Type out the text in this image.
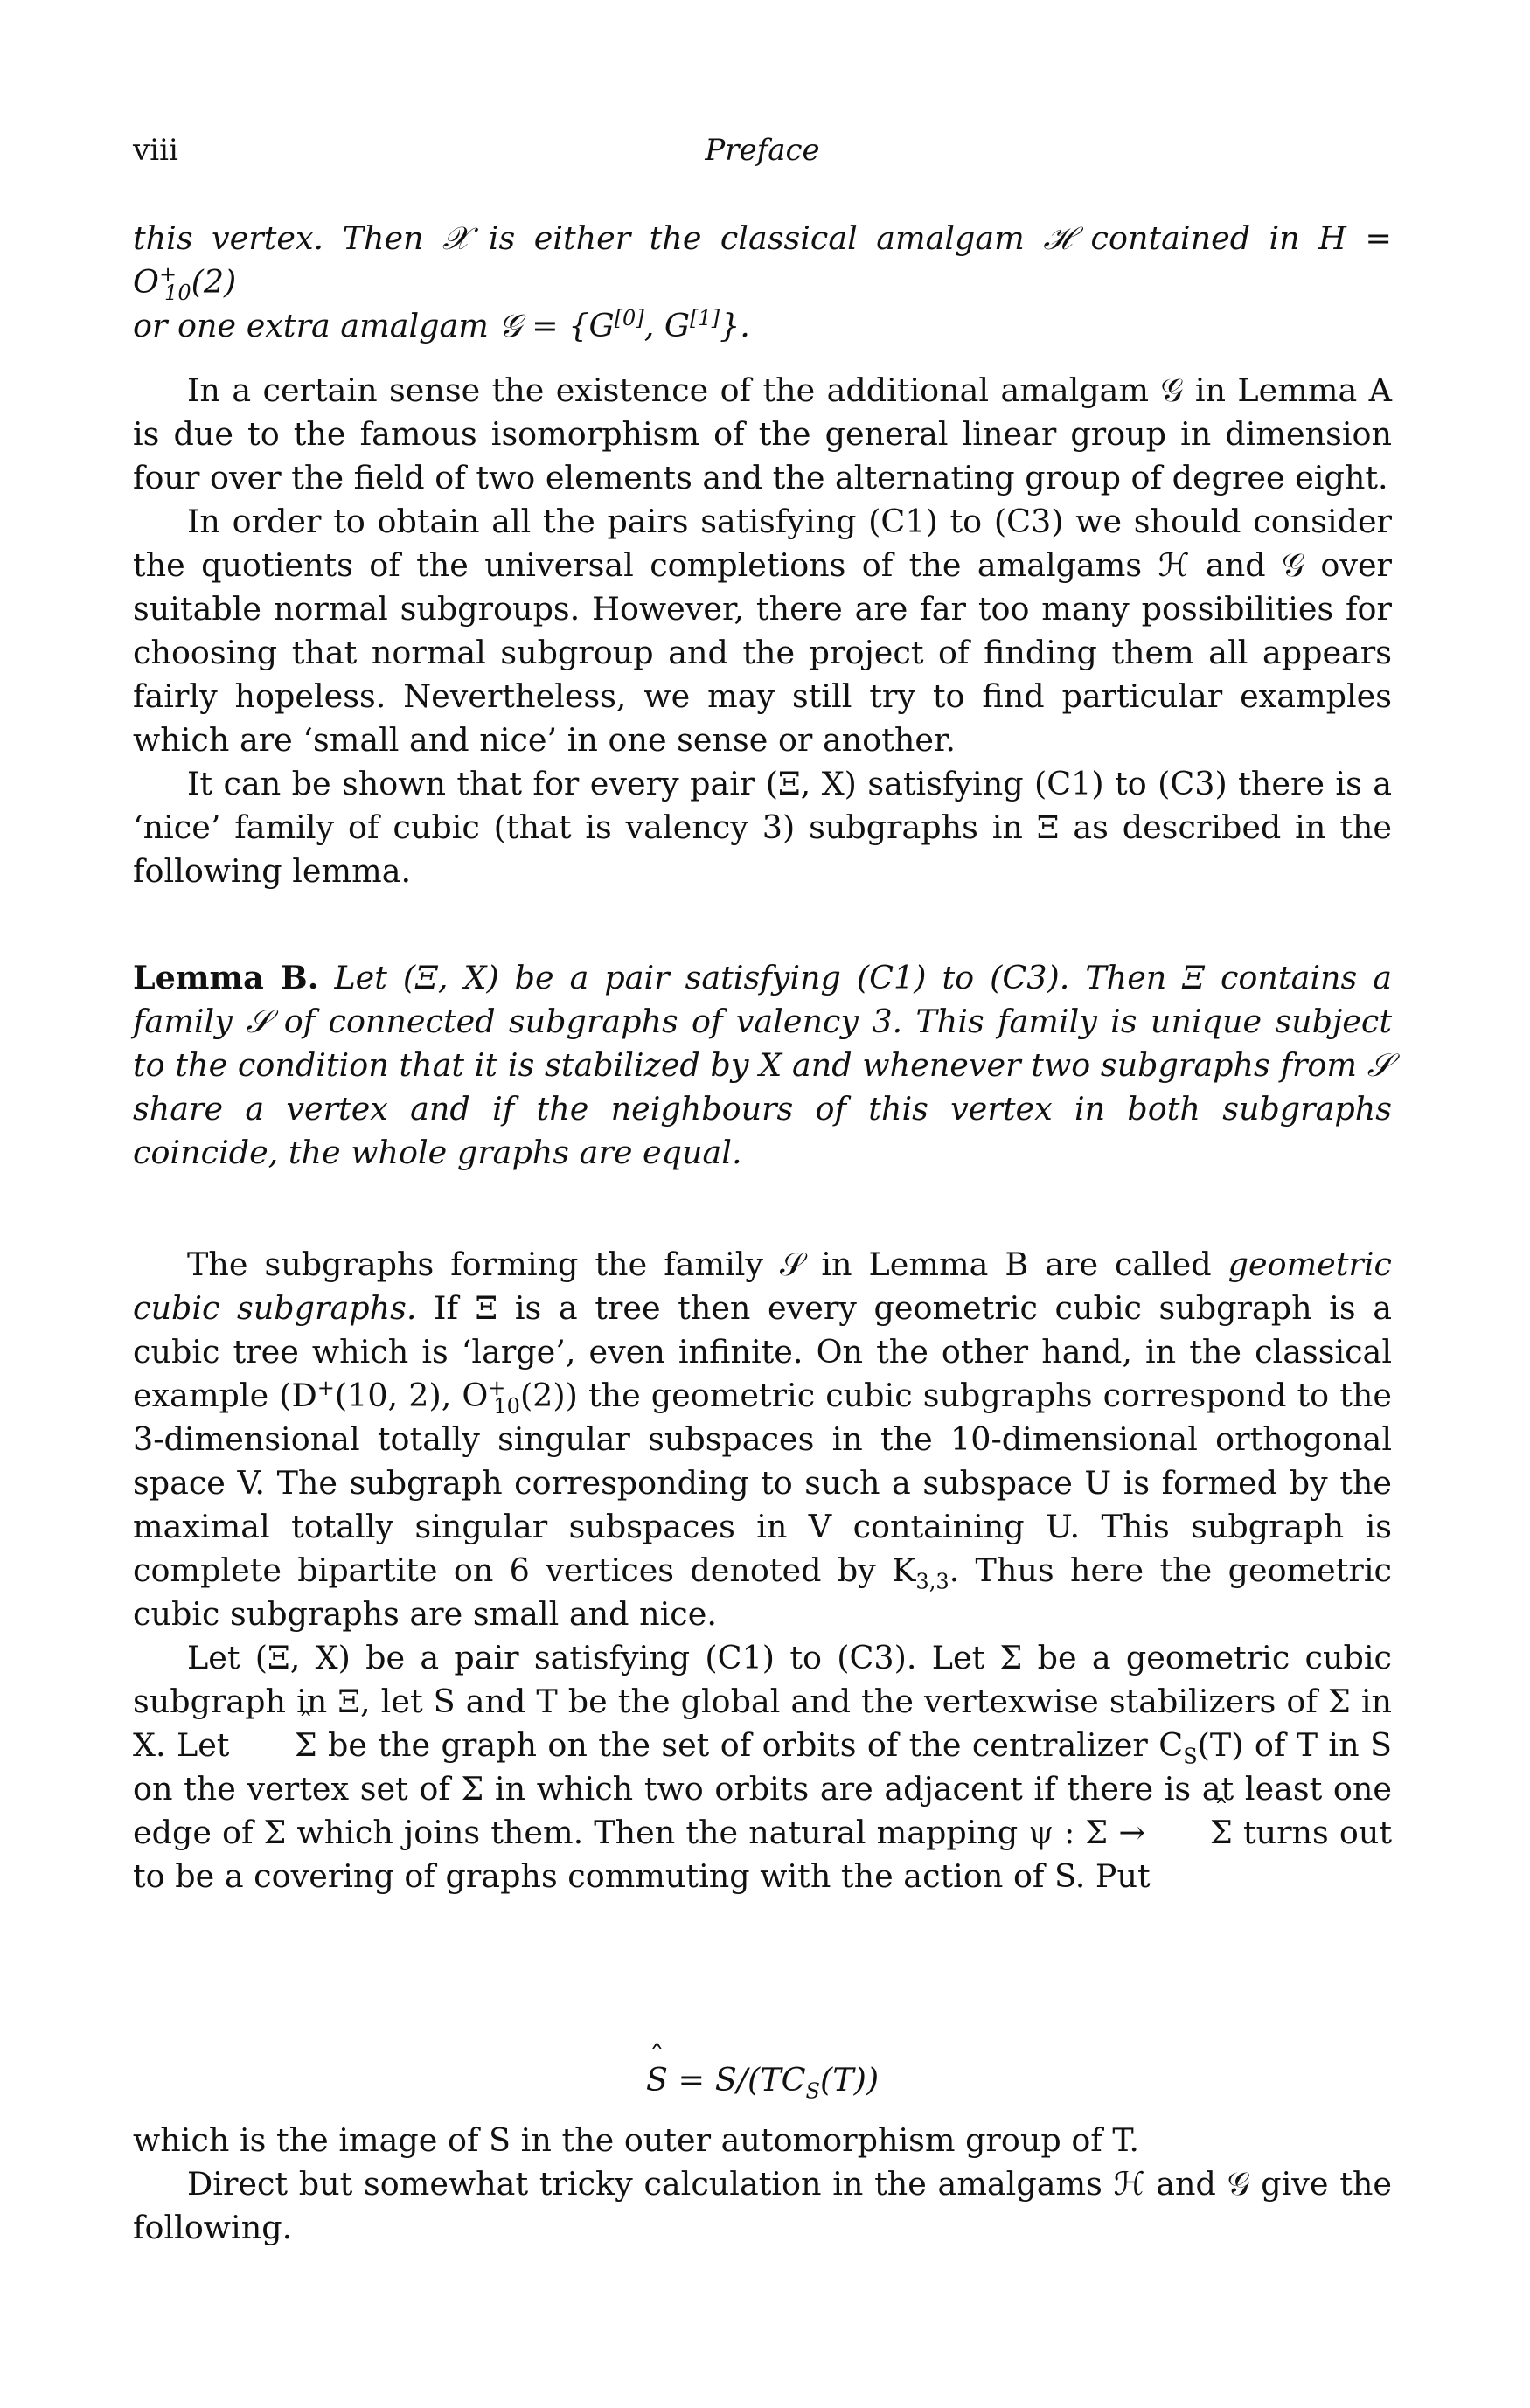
viii	Preface

this vertex. Then 𝒳 is either the classical amalgam ℋ contained in $H = O^+_{10}(2)$

or one extra amalgam 𝒢 = {G[0], G[1]}.

In a certain sense the existence of the additional amalgam 𝒢 in Lemma A is due to the famous isomorphism of the general linear group in dimension four over the field of two elements and the alternating group of degree eight.

In order to obtain all the pairs satisfying (C1) to (C3) we should consider the quotients of the universal completions of the amalgams ℋ and 𝒢 over suitable normal subgroups. However, there are far too many possibilities for choosing that normal subgroup and the project of finding them all appears fairly hopeless. Nevertheless, we may still try to find particular examples which are ‘small and nice’ in one sense or another.

It can be shown that for every pair (Ξ, X) satisfying (C1) to (C3) there is a ‘nice’ family of cubic (that is valency 3) subgraphs in Ξ as described in the following lemma.

Lemma B. Let (Ξ, X) be a pair satisfying (C1) to (C3). Then Ξ contains a family 𝒮 of connected subgraphs of valency 3. This family is unique subject to the condition that it is stabilized by X and whenever two subgraphs from 𝒮 share a vertex and if the neighbours of this vertex in both subgraphs coincide, the whole graphs are equal.

The subgraphs forming the family 𝒮 in Lemma B are called geometric cubic subgraphs. If Ξ is a tree then every geometric cubic subgraph is a cubic tree which is ‘large’, even infinite. On the other hand, in the classical example (D+(10, 2), $O^+_{10}(2)$) the geometric cubic subgraphs correspond to the 3-dimensional totally singular subspaces in the 10-dimensional orthogonal space V. The subgraph corresponding to such a subspace U is formed by the maximal totally singular subspaces in V containing U. This subgraph is complete bipartite on 6 vertices denoted by $K_{3,3}$. Thus here the geometric cubic subgraphs are small and nice.

Let (Ξ, X) be a pair satisfying (C1) to (C3). Let Σ be a geometric cubic subgraph in Ξ, let S and T be the global and the vertexwise stabilizers of Σ in X. Let ˆ Σ be the graph on the set of orbits of the centralizer $C_S(T)$ of T in S on the vertex set of Σ in which two orbits are adjacent if there is at least one edge of Σ which joins them. Then the natural mapping ψ : Σ → ˆ Σ turns out to be a covering of graphs commuting with the action of S. Put

ˆ $S = S/(TC_S(T))$

which is the image of S in the outer automorphism group of T.

Direct but somewhat tricky calculation in the amalgams ℋ and 𝒢 give the following.
